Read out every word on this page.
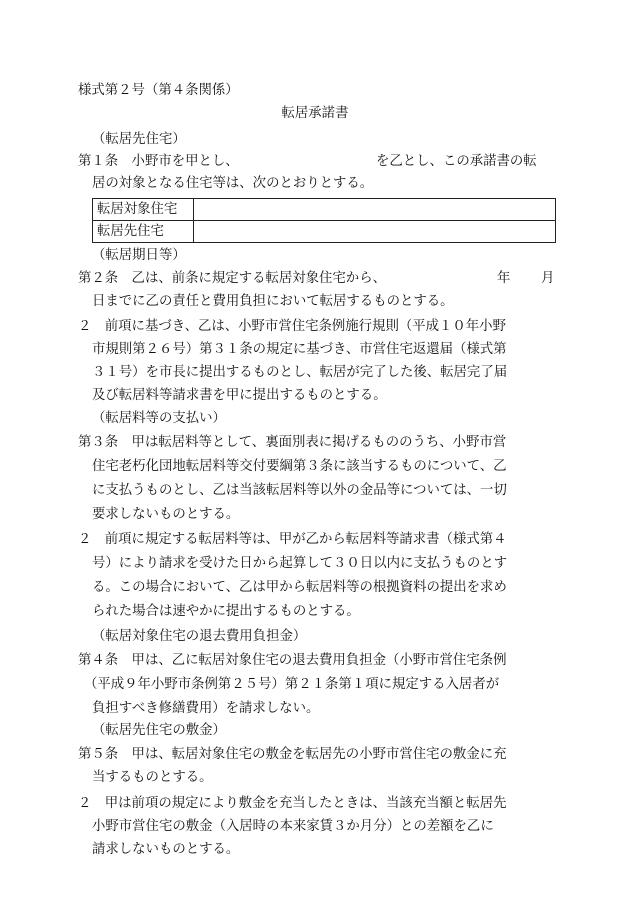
様式第２号（第４条関係）
転居承諾書
（転居先住宅）
第１条　小野市を甲とし、	を乙とし、この承諾書の転
居の対象となる住宅等は、次のとおりとする。
転居対象住宅	
転居先住宅	
（転居期日等）
第２条　乙は、前条に規定する転居対象住宅から、	年 月
日までに乙の責任と費用負担において転居するものとする。
２　前項に基づき、乙は、小野市営住宅条例施行規則（平成１０年小野
市規則第２６号）第３１条の規定に基づき、市営住宅返還届（様式第
３１号）を市長に提出するものとし、転居が完了した後、転居完了届
及び転居料等請求書を甲に提出するものとする。
（転居料等の支払い）
第３条　甲は転居料等として、裏面別表に掲げるもののうち、小野市営
住宅老朽化団地転居料等交付要綱第３条に該当するものについて、乙
に支払うものとし、乙は当該転居料等以外の金品等については、一切
要求しないものとする。
２　前項に規定する転居料等は、甲が乙から転居料等請求書（様式第４
号）により請求を受けた日から起算して３０日以内に支払うものとす
る。この場合において、乙は甲から転居料等の根拠資料の提出を求め
られた場合は速やかに提出するものとする。
（転居対象住宅の退去費用負担金）
第４条　甲は、乙に転居対象住宅の退去費用負担金（小野市営住宅条例
（平成９年小野市条例第２５号）第２１条第１項に規定する入居者が
負担すべき修繕費用）を請求しない。
（転居先住宅の敷金）
第５条　甲は、転居対象住宅の敷金を転居先の小野市営住宅の敷金に充
当するものとする。
２　甲は前項の規定により敷金を充当したときは、当該充当額と転居先
小野市営住宅の敷金（入居時の本来家賃３か月分）との差額を乙に
請求しないものとする。
